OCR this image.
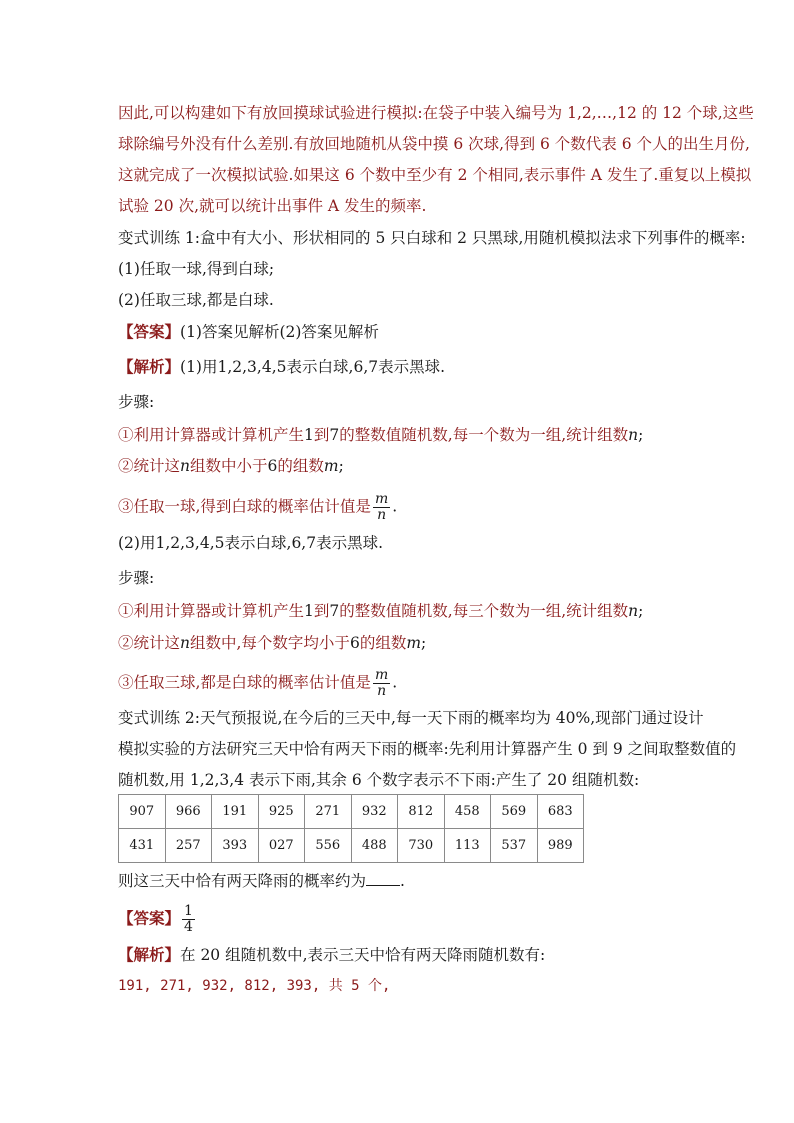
因此,可以构建如下有放回摸球试验进行模拟:在袋子中装入编号为 1,2,…,12 的 12 个球,这些
球除编号外没有什么差别.有放回地随机从袋中摸 6 次球,得到 6 个数代表 6 个人的出生月份,
这就完成了一次模拟试验.如果这 6 个数中至少有 2 个相同,表示事件 A 发生了.重复以上模拟
试验 20 次,就可以统计出事件 A 发生的频率.
变式训练 1:盒中有大小、形状相同的 5 只白球和 2 只黑球,用随机模拟法求下列事件的概率:
(1)任取一球,得到白球;
(2)任取三球,都是白球.
【答案】(1)答案见解析(2)答案见解析
【解析】(1)用1,2,3,4,5表示白球,6,7表示黑球.
步骤:
①利用计算器或计算机产生1到7的整数值随机数,每一个数为一组,统计组数n;
②统计这n组数中小于6的组数m;
③任取一球,得到白球的概率估计值是 $\frac{m}{n}$ .
(2)用1,2,3,4,5表示白球,6,7表示黑球.
步骤:
①利用计算器或计算机产生1到7的整数值随机数,每三个数为一组,统计组数n;
②统计这n组数中,每个数字均小于6的组数m;
③任取三球,都是白球的概率估计值是 $\frac{m}{n}$ .
变式训练 2:天气预报说,在今后的三天中,每一天下雨的概率均为 40%,现部门通过设计
模拟实验的方法研究三天中恰有两天下雨的概率:先利用计算器产生 0 到 9 之间取整数值的
随机数,用 1,2,3,4 表示下雨,其余 6 个数字表示不下雨:产生了 20 组随机数:
907	966	191	925	271	932	812	458	569	683
431	257	393	027	556	488	730	113	537	989
则这三天中恰有两天降雨的概率约为 .
【答案】 $\frac{1}{4}$
【解析】在 20 组随机数中,表示三天中恰有两天降雨随机数有:
191, 271, 932, 812, 393, 共 5 个,
